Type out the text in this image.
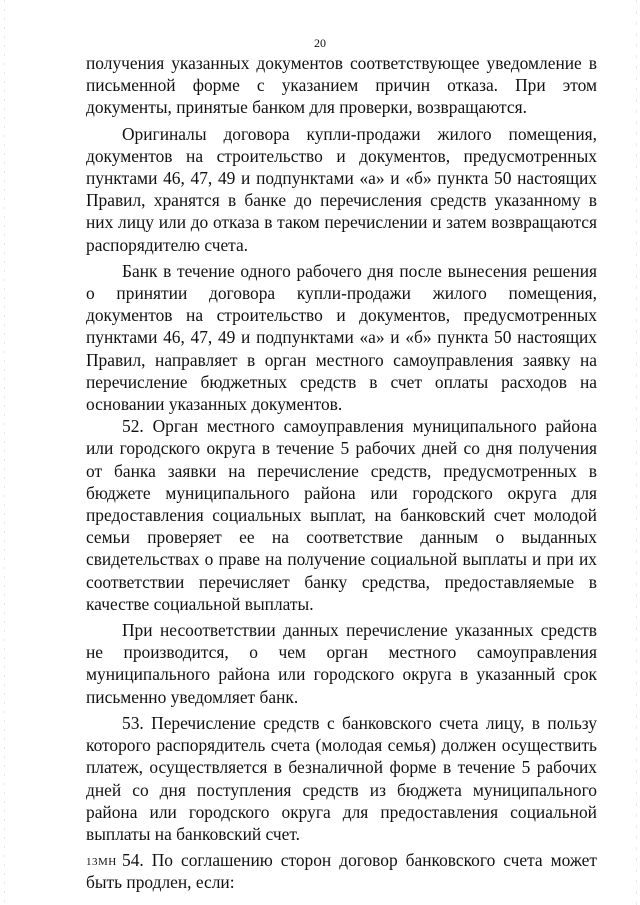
20

получения указанных документов соответствующее уведомление в письменной форме с указанием причин отказа. При этом документы, принятые банком для проверки, возвращаются.

Оригиналы договора купли-продажи жилого помещения, документов на строительство и документов, предусмотренных пунктами 46, 47, 49 и подпунктами «а» и «б» пункта 50 настоящих Правил, хранятся в банке до перечисления средств указанному в них лицу или до отказа в таком перечислении и затем возвращаются распорядителю счета.

Банк в течение одного рабочего дня после вынесения решения о принятии договора купли-продажи жилого помещения, документов на строительство и документов, предусмотренных пунктами 46, 47, 49 и подпунктами «а» и «б» пункта 50 настоящих Правил, направляет в орган местного самоуправления заявку на перечисление бюджетных средств в счет оплаты расходов на основании указанных документов.

52. Орган местного самоуправления муниципального района или городского округа в течение 5 рабочих дней со дня получения от банка заявки на перечисление средств, предусмотренных в бюджете муниципального района или городского округа для предоставления социальных выплат, на банковский счет молодой семьи проверяет ее на соответствие данным о выданных свидетельствах о праве на получение социальной выплаты и при их соответствии перечисляет банку средства, предоставляемые в качестве социальной выплаты.

При несоответствии данных перечисление указанных средств не производится, о чем орган местного самоуправления муниципального района или городского округа в указанный срок письменно уведомляет банк.

53. Перечисление средств с банковского счета лицу, в пользу которого распорядитель счета (молодая семья) должен осуществить платеж, осуществляется в безналичной форме в течение 5 рабочих дней со дня поступления средств из бюджета муниципального района или городского округа для предоставления социальной выплаты на банковский счет.

54. По соглашению сторон договор банковского счета может быть продлен, если:

13МН
